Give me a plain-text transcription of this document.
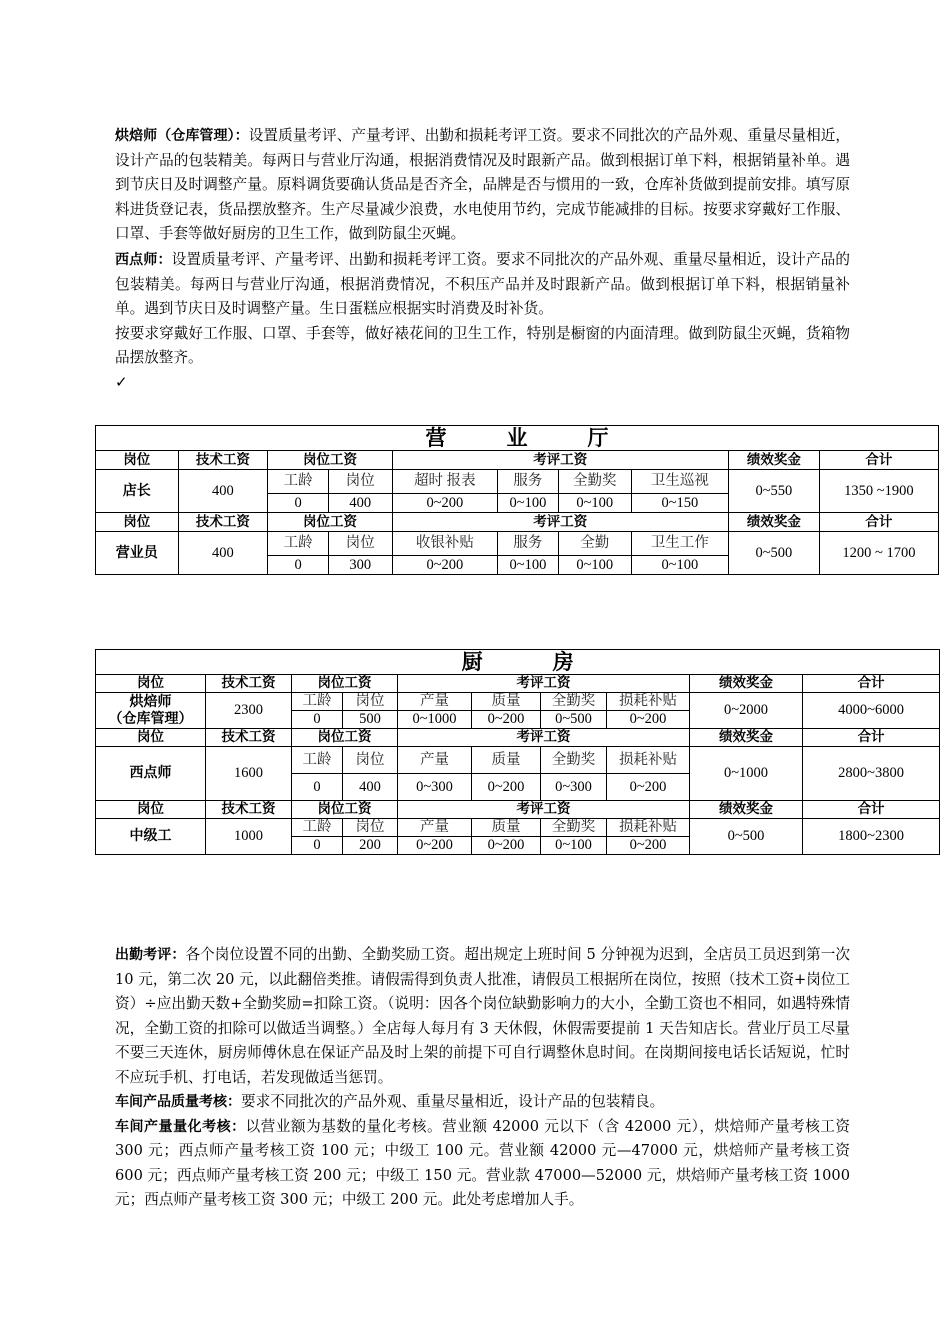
烘焙师（仓库管理）：设置质量考评、产量考评、出勤和损耗考评工资。要求不同批次的产品外观、重量尽量相近，设计产品的包装精美。每两日与营业厅沟通，根据消费情况及时跟新产品。做到根据订单下料，根据销量补单。遇到节庆日及时调整产量。原料调货要确认货品是否齐全，品牌是否与惯用的一致，仓库补货做到提前安排。填写原料进货登记表，货品摆放整齐。生产尽量减少浪费，水电使用节约，完成节能减排的目标。按要求穿戴好工作服、口罩、手套等做好厨房的卫生工作，做到防鼠尘灭蝇。
西点师：设置质量考评、产量考评、出勤和损耗考评工资。要求不同批次的产品外观、重量尽量相近，设计产品的包装精美。每两日与营业厅沟通，根据消费情况，不积压产品并及时跟新产品。做到根据订单下料，根据销量补单。遇到节庆日及时调整产量。生日蛋糕应根据实时消费及时补货。
按要求穿戴好工作服、口罩、手套等，做好裱花间的卫生工作，特别是橱窗的内面清理。做到防鼠尘灭蝇，货箱物品摆放整齐。
✓
营 业 厅									
岗位	技术工资	岗位工资		考评工资				绩效奖金	合计
店长	400	工龄	岗位	超时 报表	服务	全勤奖	卫生巡视	0~550	1350 ~1900
		0	400	0~200	0~100	0~100	0~150		
岗位	技术工资	岗位工资		考评工资				绩效奖金	合计
营业员	400	工龄	岗位	收银补贴	服务	全勤	卫生工作	0~500	1200 ~ 1700
		0	300	0~200	0~100	0~100	0~100		
厨 房									
岗位	技术工资	岗位工资		考评工资				绩效奖金	合计
烘焙师
（仓库管理）	2300	工龄	岗位	产量	质量	全勤奖	损耗补贴	0~2000	4000~6000
		0	500	0~1000	0~200	0~500	0~200		
岗位	技术工资	岗位工资		考评工资				绩效奖金	合计
西点师	1600	工龄	岗位	产量	质量	全勤奖	损耗补贴	0~1000	2800~3800
		0	400	0~300	0~200	0~300	0~200		
岗位	技术工资	岗位工资		考评工资				绩效奖金	合计
中级工	1000	工龄	岗位	产量	质量	全勤奖	损耗补贴	0~500	1800~2300
		0	200	0~200	0~200	0~100	0~200		
出勤考评：各个岗位设置不同的出勤、全勤奖励工资。超出规定上班时间 5 分钟视为迟到，全店员工员迟到第一次 10 元，第二次 20 元，以此翻倍类推。请假需得到负责人批准，请假员工根据所在岗位，按照（技术工资+岗位工资）÷应出勤天数+全勤奖励=扣除工资。（说明：因各个岗位缺勤影响力的大小，全勤工资也不相同，如遇特殊情况，全勤工资的扣除可以做适当调整。）全店每人每月有 3 天休假，休假需要提前 1 天告知店长。营业厅员工尽量不要三天连休，厨房师傅休息在保证产品及时上架的前提下可自行调整休息时间。在岗期间接电话长话短说，忙时不应玩手机、打电话，若发现做适当惩罚。
车间产品质量考核：要求不同批次的产品外观、重量尽量相近，设计产品的包装精良。
车间产量量化考核：以营业额为基数的量化考核。营业额 42000 元以下（含 42000 元），烘焙师产量考核工资 300 元；西点师产量考核工资 100 元；中级工 100 元。营业额 42000 元—47000 元，烘焙师产量考核工资 600 元；西点师产量考核工资 200 元；中级工 150 元。营业款 47000—52000 元，烘焙师产量考核工资 1000 元；西点师产量考核工资 300 元；中级工 200 元。此处考虑增加人手。
